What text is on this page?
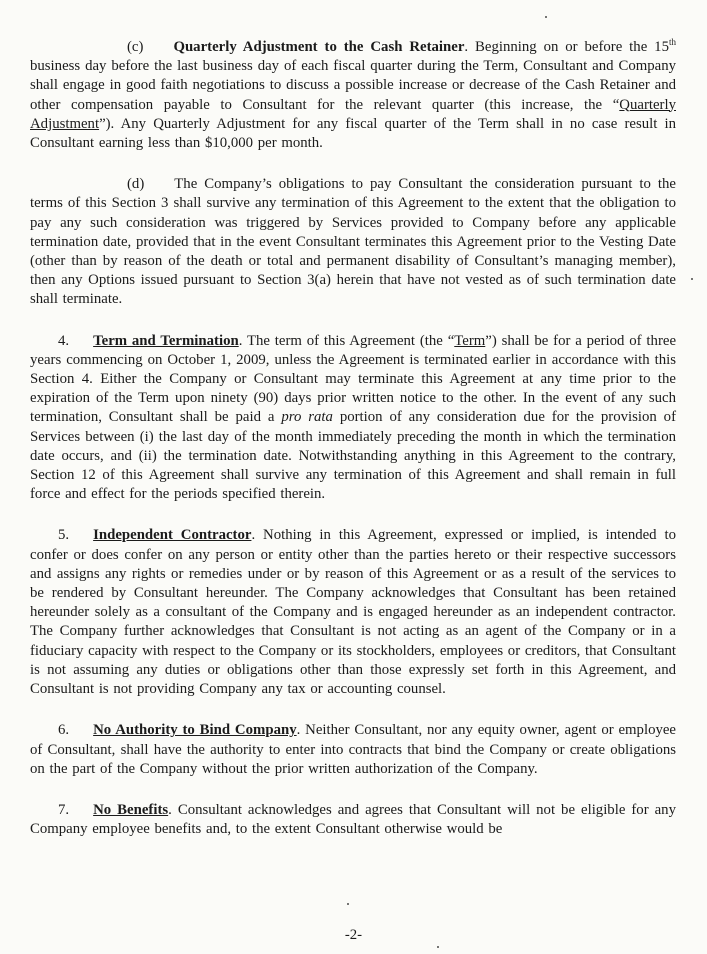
(c) Quarterly Adjustment to the Cash Retainer. Beginning on or before the 15th business day before the last business day of each fiscal quarter during the Term, Consultant and Company shall engage in good faith negotiations to discuss a possible increase or decrease of the Cash Retainer and other compensation payable to Consultant for the relevant quarter (this increase, the “Quarterly Adjustment”). Any Quarterly Adjustment for any fiscal quarter of the Term shall in no case result in Consultant earning less than $10,000 per month.

(d) The Company’s obligations to pay Consultant the consideration pursuant to the terms of this Section 3 shall survive any termination of this Agreement to the extent that the obligation to pay any such consideration was triggered by Services provided to Company before any applicable termination date, provided that in the event Consultant terminates this Agreement prior to the Vesting Date (other than by reason of the death or total and permanent disability of Consultant’s managing member), then any Options issued pursuant to Section 3(a) herein that have not vested as of such termination date shall terminate.

4. Term and Termination. The term of this Agreement (the “Term”) shall be for a period of three years commencing on October 1, 2009, unless the Agreement is terminated earlier in accordance with this Section 4. Either the Company or Consultant may terminate this Agreement at any time prior to the expiration of the Term upon ninety (90) days prior written notice to the other. In the event of any such termination, Consultant shall be paid a pro rata portion of any consideration due for the provision of Services between (i) the last day of the month immediately preceding the month in which the termination date occurs, and (ii) the termination date. Notwithstanding anything in this Agreement to the contrary, Section 12 of this Agreement shall survive any termination of this Agreement and shall remain in full force and effect for the periods specified therein.

5. Independent Contractor. Nothing in this Agreement, expressed or implied, is intended to confer or does confer on any person or entity other than the parties hereto or their respective successors and assigns any rights or remedies under or by reason of this Agreement or as a result of the services to be rendered by Consultant hereunder. The Company acknowledges that Consultant has been retained hereunder solely as a consultant of the Company and is engaged hereunder as an independent contractor. The Company further acknowledges that Consultant is not acting as an agent of the Company or in a fiduciary capacity with respect to the Company or its stockholders, employees or creditors, that Consultant is not assuming any duties or obligations other than those expressly set forth in this Agreement, and Consultant is not providing Company any tax or accounting counsel.

6. No Authority to Bind Company. Neither Consultant, nor any equity owner, agent or employee of Consultant, shall have the authority to enter into contracts that bind the Company or create obligations on the part of the Company without the prior written authorization of the Company.

7. No Benefits. Consultant acknowledges and agrees that Consultant will not be eligible for any Company employee benefits and, to the extent Consultant otherwise would be

-2-
